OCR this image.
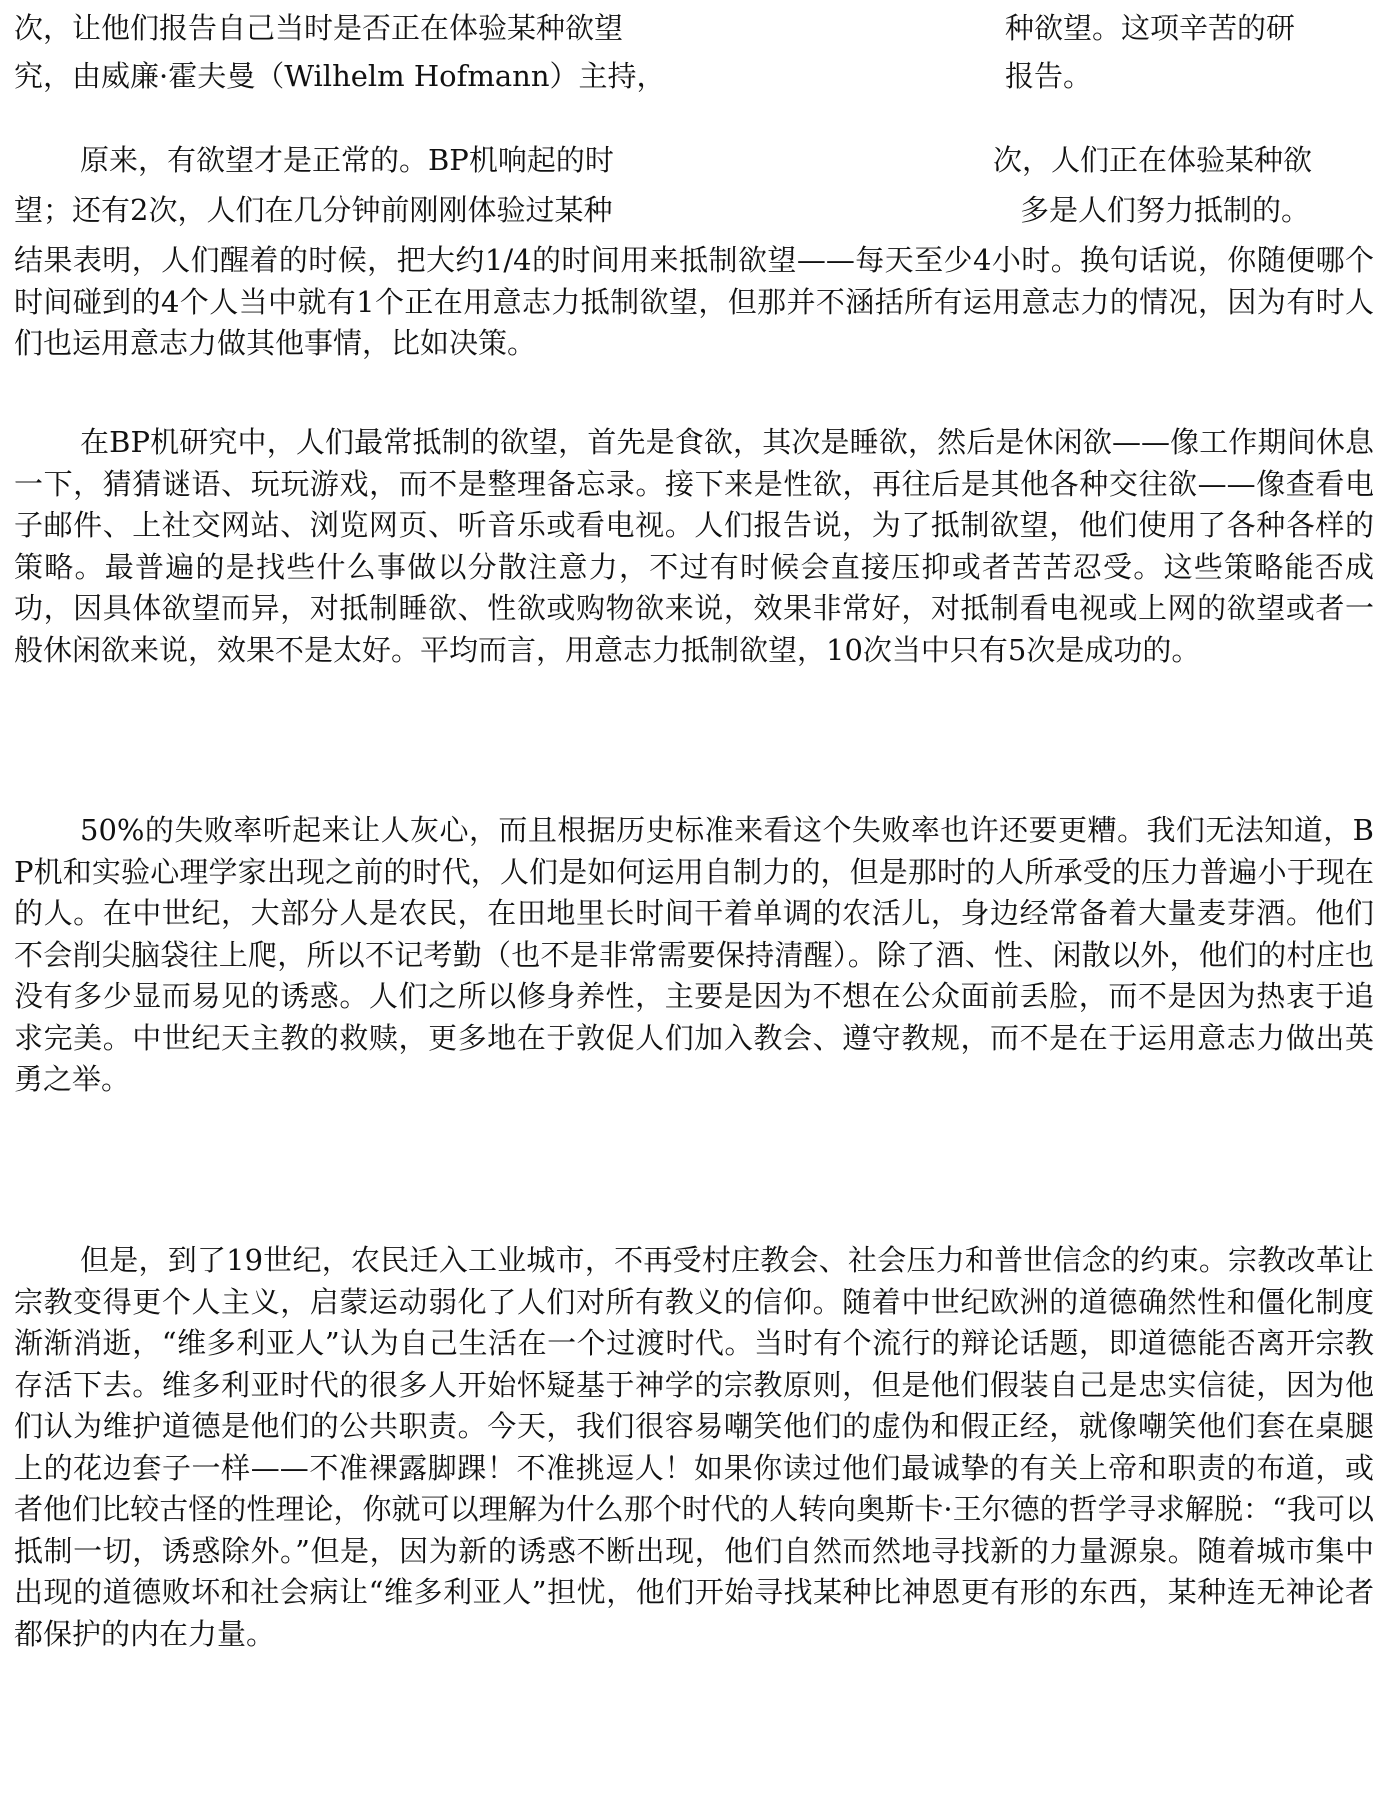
次，让他们报告自己当时是否正在体验某种欲望	种欲望。这项辛苦的研

究，由威廉·霍夫曼（Wilhelm Hofmann）主持，	报告。

原来，有欲望才是正常的。BP机响起的时	次，人们正在体验某种欲

望；还有2次，人们在几分钟前刚刚体验过某种	多是人们努力抵制的。

结果表明，人们醒着的时候，把大约1/4的时间用来抵制欲望——每天至少4小时。换句话说，你随便哪个时间碰到的4个人当中就有1个正在用意志力抵制欲望，但那并不涵括所有运用意志力的情况，因为有时人们也运用意志力做其他事情，比如决策。

在BP机研究中，人们最常抵制的欲望，首先是食欲，其次是睡欲，然后是休闲欲——像工作期间休息一下，猜猜谜语、玩玩游戏，而不是整理备忘录。接下来是性欲，再往后是其他各种交往欲——像查看电子邮件、上社交网站、浏览网页、听音乐或看电视。人们报告说，为了抵制欲望，他们使用了各种各样的策略。最普遍的是找些什么事做以分散注意力，不过有时候会直接压抑或者苦苦忍受。这些策略能否成功，因具体欲望而异，对抵制睡欲、性欲或购物欲来说，效果非常好，对抵制看电视或上网的欲望或者一般休闲欲来说，效果不是太好。平均而言，用意志力抵制欲望，10次当中只有5次是成功的。

50%的失败率听起来让人灰心，而且根据历史标准来看这个失败率也许还要更糟。我们无法知道，BP机和实验心理学家出现之前的时代，人们是如何运用自制力的，但是那时的人所承受的压力普遍小于现在的人。在中世纪，大部分人是农民，在田地里长时间干着单调的农活儿，身边经常备着大量麦芽酒。他们不会削尖脑袋往上爬，所以不记考勤（也不是非常需要保持清醒）。除了酒、性、闲散以外，他们的村庄也没有多少显而易见的诱惑。人们之所以修身养性，主要是因为不想在公众面前丢脸，而不是因为热衷于追求完美。中世纪天主教的救赎，更多地在于敦促人们加入教会、遵守教规，而不是在于运用意志力做出英勇之举。

但是，到了19世纪，农民迁入工业城市，不再受村庄教会、社会压力和普世信念的约束。宗教改革让宗教变得更个人主义，启蒙运动弱化了人们对所有教义的信仰。随着中世纪欧洲的道德确然性和僵化制度渐渐消逝，“维多利亚人”认为自己生活在一个过渡时代。当时有个流行的辩论话题，即道德能否离开宗教存活下去。维多利亚时代的很多人开始怀疑基于神学的宗教原则，但是他们假装自己是忠实信徒，因为他们认为维护道德是他们的公共职责。今天，我们很容易嘲笑他们的虚伪和假正经，就像嘲笑他们套在桌腿上的花边套子一样——不准裸露脚踝！不准挑逗人！如果你读过他们最诚挚的有关上帝和职责的布道，或者他们比较古怪的性理论，你就可以理解为什么那个时代的人转向奥斯卡·王尔德的哲学寻求解脱：“我可以抵制一切，诱惑除外。”但是，因为新的诱惑不断出现，他们自然而然地寻找新的力量源泉。随着城市集中出现的道德败坏和社会病让“维多利亚人”担忧，他们开始寻找某种比神恩更有形的东西，某种连无神论者都保护的内在力量。
